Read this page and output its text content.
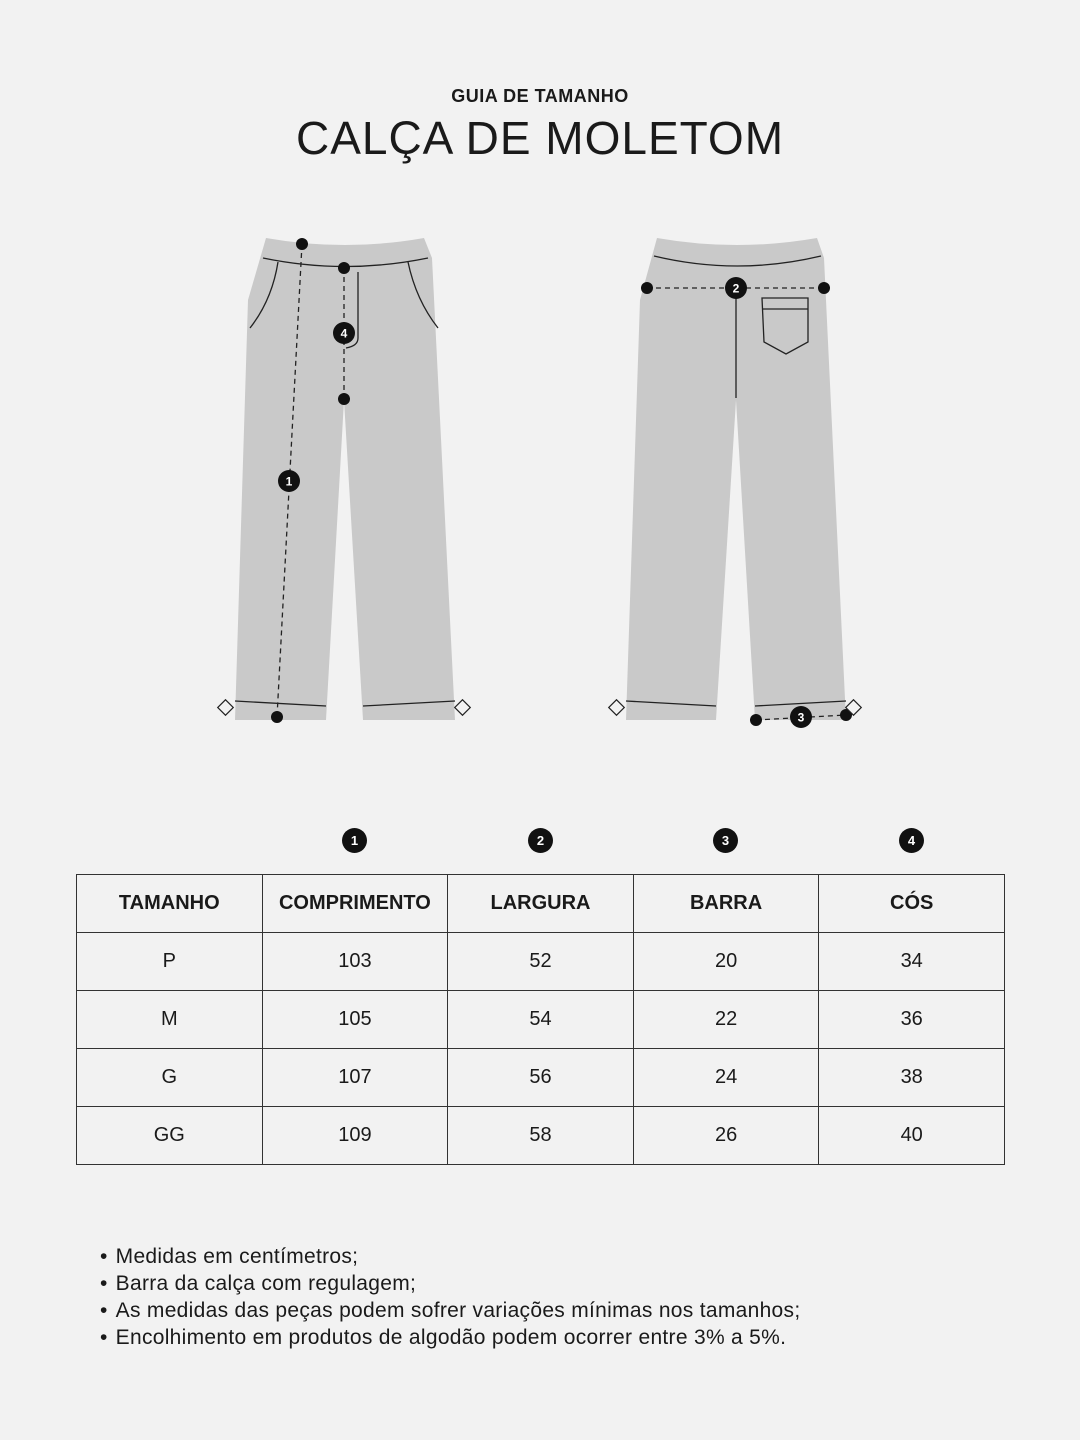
GUIA DE TAMANHO
CALÇA DE MOLETOM
1
4
2
3
1	2	3	4
TAMANHO	COMPRIMENTO	LARGURA	BARRA	CÓS
P	103	52	20	34
M	105	54	22	36
G	107	56	24	38
GG	109	58	26	40
• Medidas em centímetros;
• Barra da calça com regulagem;
• As medidas das peças podem sofrer variações mínimas nos tamanhos;
• Encolhimento em produtos de algodão podem ocorrer entre 3% a 5%.
